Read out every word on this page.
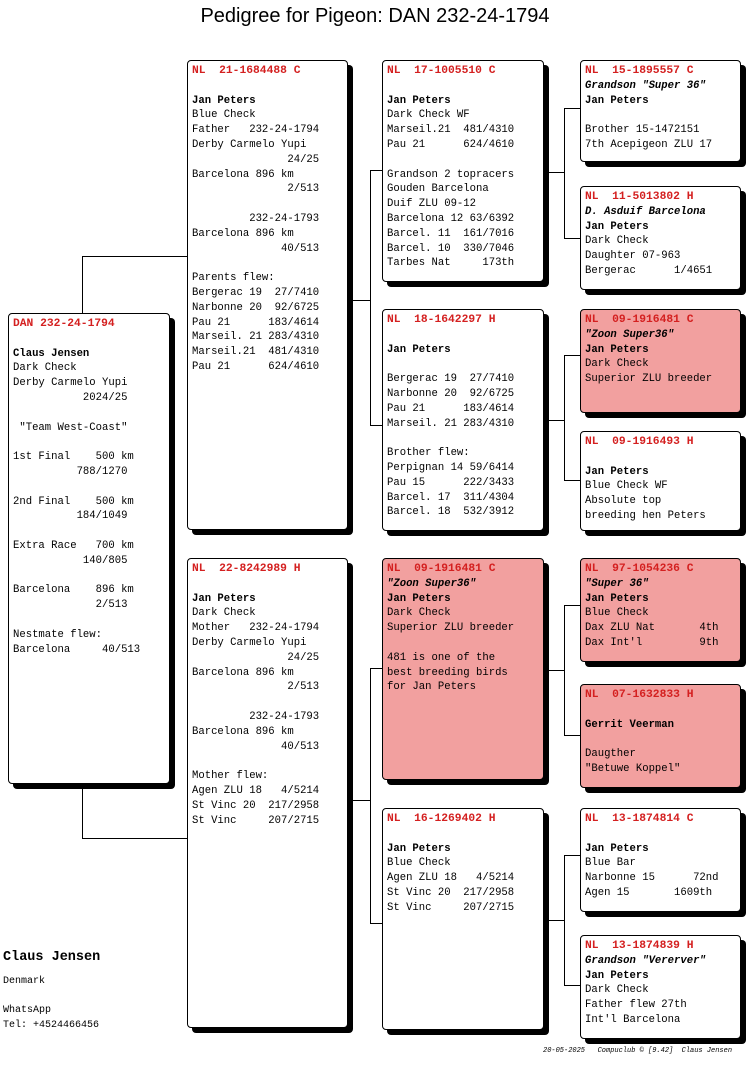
Pedigree for Pigeon: DAN 232-24-1794
DAN 232-24-1794
Claus Jensen
Dark Check
Derby Carmelo Yupi
2024/25
"Team West-Coast"
1st Final    500 km
788/1270
2nd Final    500 km
184/1049
Extra Race   700 km
140/805
Barcelona    896 km
2/513
Nestmate flew:
Barcelona     40/513
NL  21-1684488 C
Jan Peters
Blue Check
Father   232-24-1794
Derby Carmelo Yupi
24/25
Barcelona 896 km
2/513
232-24-1793
Barcelona 896 km
40/513
Parents flew:
Bergerac 19  27/7410
Narbonne 20  92/6725
Pau 21      183/4614
Marseil. 21 283/4310
Marseil.21  481/4310
Pau 21      624/4610
NL  22-8242989 H
Jan Peters
Dark Check
Mother   232-24-1794
Derby Carmelo Yupi
24/25
Barcelona 896 km
2/513
232-24-1793
Barcelona 896 km
40/513
Mother flew:
Agen ZLU 18   4/5214
St Vinc 20  217/2958
St Vinc     207/2715
NL  17-1005510 C
Jan Peters
Dark Check WF
Marseil.21  481/4310
Pau 21      624/4610
Grandson 2 topracers
Gouden Barcelona
Duif ZLU 09-12
Barcelona 12 63/6392
Barcel. 11  161/7016
Barcel. 10  330/7046
Tarbes Nat     173th
NL  18-1642297 H
Jan Peters
Bergerac 19  27/7410
Narbonne 20  92/6725
Pau 21      183/4614
Marseil. 21 283/4310
Brother flew:
Perpignan 14 59/6414
Pau 15      222/3433
Barcel. 17  311/4304
Barcel. 18  532/3912
NL  09-1916481 C
"Zoon Super36"
Jan Peters
Dark Check
Superior ZLU breeder
481 is one of the
best breeding birds
for Jan Peters
NL  16-1269402 H
Jan Peters
Blue Check
Agen ZLU 18   4/5214
St Vinc 20  217/2958
St Vinc     207/2715
NL  15-1895557 C
Grandson "Super 36"
Jan Peters
Brother 15-1472151
7th Acepigeon ZLU 17
NL  11-5013802 H
D. Asduif Barcelona
Jan Peters
Dark Check
Daughter 07-963
Bergerac      1/4651
NL  09-1916481 C
"Zoon Super36"
Jan Peters
Dark Check
Superior ZLU breeder
NL  09-1916493 H
Jan Peters
Blue Check WF
Absolute top
breeding hen Peters
NL  97-1054236 C
"Super 36"
Jan Peters
Blue Check
Dax ZLU Nat       4th
Dax Int'l         9th
NL  07-1632833 H
Gerrit Veerman
Daugther
"Betuwe Koppel"
NL  13-1874814 C
Jan Peters
Blue Bar
Narbonne 15      72nd
Agen 15       1609th
NL  13-1874839 H
Grandson "Vererver"
Jan Peters
Dark Check
Father flew 27th
Int'l Barcelona
Claus Jensen
Denmark

WhatsApp
Tel: +4524466456
20-05-2025   Compuclub © [9.42]  Claus Jensen
